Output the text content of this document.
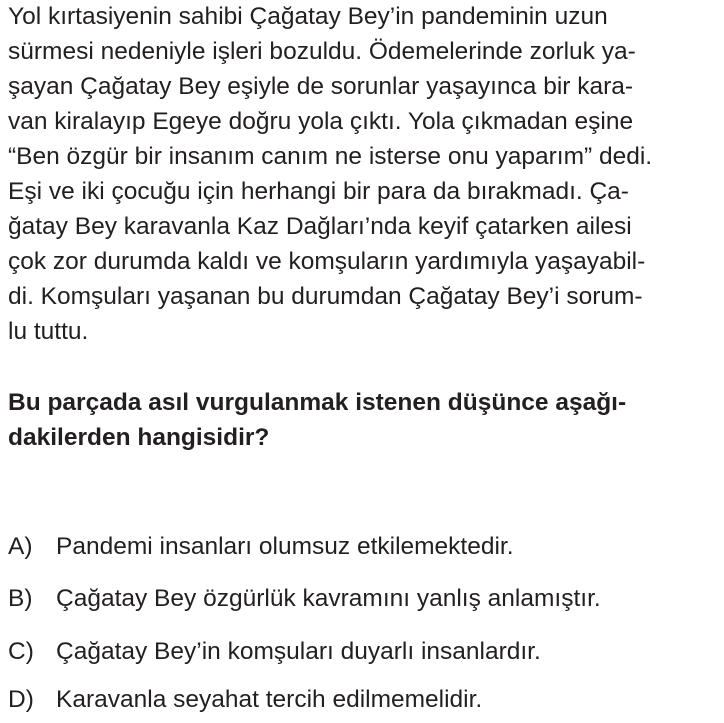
Yol kırtasiyenin sahibi Çağatay Bey’in pandeminin uzun
sürmesi nedeniyle işleri bozuldu. Ödemelerinde zorluk ya-
şayan Çağatay Bey eşiyle de sorunlar yaşayınca bir kara-
van kiralayıp Egeye doğru yola çıktı. Yola çıkmadan eşine
“Ben özgür bir insanım canım ne isterse onu yaparım” dedi.
Eşi ve iki çocuğu için herhangi bir para da bırakmadı. Ça-
ğatay Bey karavanla Kaz Dağları’nda keyif çatarken ailesi
çok zor durumda kaldı ve komşuların yardımıyla yaşayabil-
di. Komşuları yaşanan bu durumdan Çağatay Bey’i sorum-
lu tuttu.
Bu parçada asıl vurgulanmak istenen düşünce aşağı-
dakilerden hangisidir?
A) Pandemi insanları olumsuz etkilemektedir.
B) Çağatay Bey özgürlük kavramını yanlış anlamıştır.
C) Çağatay Bey’in komşuları duyarlı insanlardır.
D) Karavanla seyahat tercih edilmemelidir.
